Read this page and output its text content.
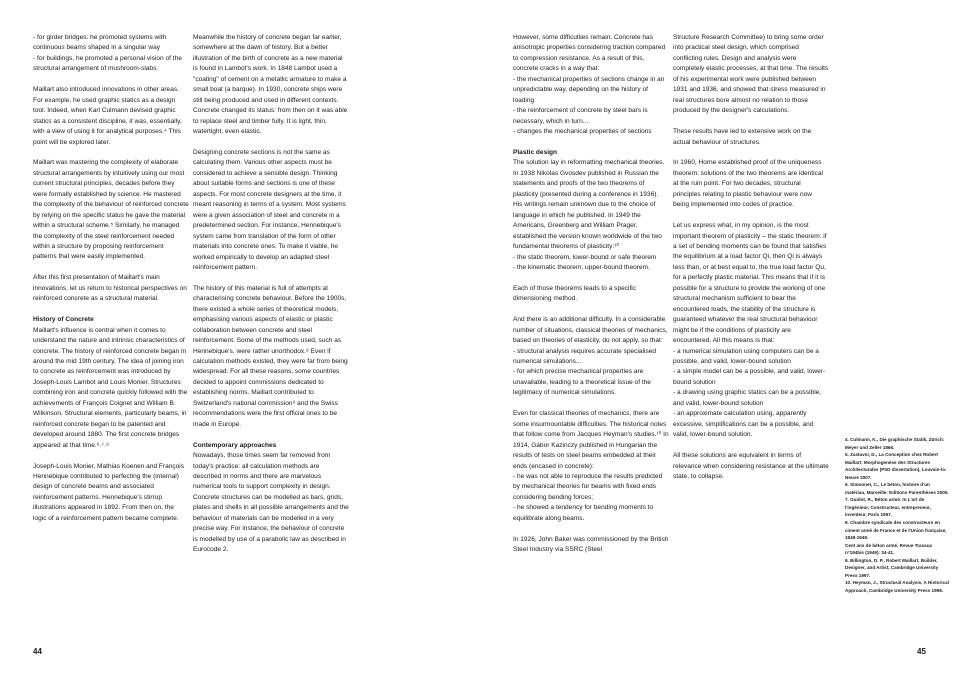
- for girder bridges: he promoted systems with continuous beams shaped in a singular way
- for buildings, he promoted a personal vision of the structural arrangement of mushroom-slabs.

Maillart also introduced innovations in other areas. For example, he used graphic statics as a design tool. Indeed, when Karl Culmann devised graphic statics as a consistent discipline, it was, essentially, with a view of using it for analytical purposes.⁴ This point will be explored later.

Maillart was mastering the complexity of elaborate structural arrangements by intuitively using our most current structural principles, decades before they were formally established by science. He mastered the complexity of the behaviour of reinforced concrete by relying on the specific status he gave the material within a structural scheme.⁵ Similarly, he managed the complexity of the steel reinforcement needed within a structure by proposing reinforcement patterns that were easily implemented.

After this first presentation of Maillart's main innovations, let us return to historical perspectives on reinforced concrete as a structural material.

History of Concrete

Maillart's influence is central when it comes to understand the nature and intrinsic characteristics of concrete. The history of reinforced concrete began in around the mid 19th century. The idea of joining iron to concrete as reinforcement was introduced by Joseph-Louis Lambot and Louis Monier. Structures combining iron and concrete quickly followed with the achievements of François Coignet and William B. Wilkinson. Structural elements, particularly beams, in reinforced concrete began to be patented and developed around 1880. The first concrete bridges appeared at that time.⁶˒⁷˒⁸

Joseph-Louis Monier, Mathias Koenen and François Hennebique contributed to perfecting the (internal) design of concrete beams and associated reinforcement patterns. Hennebique's stirrup illustrations appeared in 1892. From then on, the logic of a reinforcement pattern became complete.

Meanwhile the history of concrete began far earlier, somewhere at the dawn of history. But a better illustration of the birth of concrete as a new material is found in Lambot's work. In 1848 Lambot used a "coating" of cement on a metallic armature to make a small boat (a barque). In 1930, concrete ships were still being produced and used in different contexts. Concrete changed its status: from then on it was able to replace steel and timber fully. It is light, thin, watertight, even elastic.

Designing concrete sections is not the same as calculating them. Various other aspects must be considered to achieve a sensible design. Thinking about suitable forms and sections is one of these aspects. For most concrete designers at the time, it meant reasoning in terms of a system. Most systems were a given association of steel and concrete in a predetermined section. For instance, Hennebique's system came from translation of the form of other materials into concrete ones. To make it viable, he worked empirically to develop an adapted steel reinforcement pattern.

The history of this material is full of attempts at characterising concrete behaviour. Before the 1900s, there existed a whole series of theoretical models, emphasising various aspects of elastic or plastic collaboration between concrete and steel reinforcement. Some of the methods used, such as Hennebique's, were rather unorthodox.⁸ Even if calculation methods existed, they were far from being widespread. For all these reasons, some countries decided to appoint commissions dedicated to establishing norms. Maillart contributed to Switzerland's national commission⁹ and the Swiss recommendations were the first official ones to be made in Europe.

Contemporary approaches

Nowadays, those times seem far removed from today's practice: all calculation methods are described in norms and there are marvelous numerical tools to support complexity in design. Concrete structures can be modelled as bars, grids, plates and shells in all possible arrangements and the behaviour of materials can be modelled in a very precise way. For instance, the behaviour of concrete is modelled by use of a parabolic law as described in Eurocode 2.

However, some difficulties remain. Concrete has anisotropic properties considering traction compared to compression resistance. As a result of this, concrete cracks in a way that:
- the mechanical properties of sections change in an unpredictable way, depending on the history of loading
- the reinforcement of concrete by steel bars is necessary, which in turn...
- changes the mechanical properties of sections

Plastic design

The solution lay in reformatting mechanical theories. In 1938 Nikolas Gvosdev published in Russian the statements and proofs of the two theorems of plasticity (presented during a conference in 1936). His writings remain unknown due to the choice of language in which he published. In 1949 the Americans, Greenberg and William Prager, established the version known worldwide of the two fundamental theorems of plasticity:¹⁰
- the static theorem, lower-bound or safe theorem
- the kinematic theorem, upper-bound theorem.

Each of those theorems leads to a specific dimensioning method.

And there is an additional difficulty. In a considerable number of situations, classical theories of mechanics, based on theories of elasticity, do not apply, so that:
- structural analysis requires accurate specialised numerical simulations...
- for which precise mechanical properties are unavailable, leading to a theoretical issue of the legitimacy of numerical simulations.

Even for classical theories of mechanics, there are some insurmountable difficulties. The historical notes that follow come from Jacques Heyman's studies.¹⁰ In 1914, Gábor Kazinczy published in Hungarian the results of tests on steel beams embedded at their ends (encased in concrete):
- he was not able to reproduce the results predicted by mechanical theories for beams with fixed ends considering bending forces;
- he showed a tendency for bending moments to equilibrate along beams.

In 1926, John Baker was commissioned by the British Steel Industry via SSRC (Steel

Structure Research Committee) to bring some order into practical steel design, which comprised conflicting rules. Design and analysis were completely elastic processes, at that time. The results of his experimental work were published between 1931 and 1936, and showed that stress measured in real structures bore almost no relation to those produced by the designer's calculations.

These results have led to extensive work on the actual behaviour of structures.

In 1960, Horne established proof of the uniqueness theorem: solutions of the two theorems are identical at the ruin point. For two decades, structural principles relating to plastic behaviour were now being implemented into codes of practice.

Let us express what, in my opinion, is the most important theorem of plasticity – the static theorem: if a set of bending moments can be found that satisfies the equilibrium at a load factor Qi, then Qi is always less than, or at best equal to, the true load factor Qu, for a perfectly plastic material. This means that if it is possible for a structure to provide the working of one structural mechanism sufficient to bear the encountered loads, the stability of the structure is guaranteed whatever the real structural behaviour might be if the conditions of plasticity are encountered. All this means is that:
- a numerical simulation using computers can be a possible, and valid, lower-bound solution
- a simple model can be a possible, and valid, lower-bound solution
- a drawing using graphic statics can be a possible, and valid, lower-bound solution
- an approximate calculation using, apparently excessive, simplifications can be a possible, and valid, lower-bound solution.

All these solutions are equivalent in terms of relevance when considering resistance at the ultimate state, to collapse.

4. Culmann, K., Die graphische Statik, Zürich: Meyer und Zeller 1866.
5. Zastavni, D., La Conception chez Robert Maillart: Morphogenèse des Structures Architecturales (PhD dissertation), Louvain-la-Neuve 2007.
6. Simonnet, C., Le béton, histoire d'un matériau, Marseille: Editions Parenthèses 2005.
7. Guidot, R., Béton armé. In L'art de l'ingénieur, Constructeur, entrepreneur, inventeur, Paris 1997.
8. Chambre syndicale des constructeurs en ciment armé de France et de l'Union française, 1849-1949.
Cent ans de béton armé, Revue Travaux n°194bis (1949): 34-41.
9. Billington, D. P., Robert Maillart, Builder, Designer, and Artist, Cambridge University Press 1997.
10. Heyman, J., Structural Analysis, A Historical Approach, Cambridge University Press 1998.
44	45
